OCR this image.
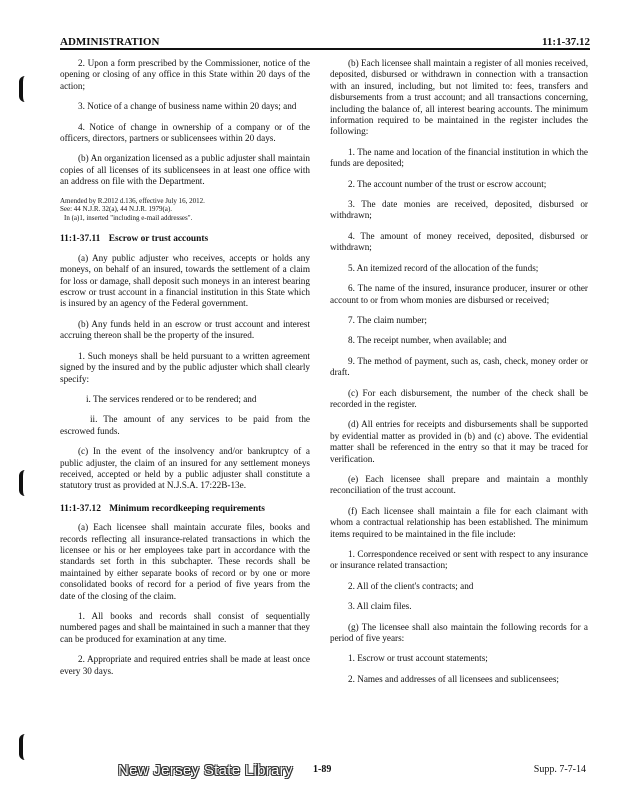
ADMINISTRATION	11:1-37.12

2. Upon a form prescribed by the Commissioner, notice of the opening or closing of any office in this State within 20 days of the action;

3. Notice of a change of business name within 20 days; and

4. Notice of change in ownership of a company or of the officers, directors, partners or sublicensees within 20 days.

(b) An organization licensed as a public adjuster shall maintain copies of all licenses of its sublicensees in at least one office with an address on file with the Department.

Amended by R.2012 d.136, effective July 16, 2012.
See: 44 N.J.R. 32(a), 44 N.J.R. 1979(a).
In (a)1, inserted "including e-mail addresses".
11:1-37.11 Escrow or trust accounts

(a) Any public adjuster who receives, accepts or holds any moneys, on behalf of an insured, towards the settlement of a claim for loss or damage, shall deposit such moneys in an interest bearing escrow or trust account in a financial institution in this State which is insured by an agency of the Federal government.

(b) Any funds held in an escrow or trust account and interest accruing thereon shall be the property of the insured.

1. Such moneys shall be held pursuant to a written agreement signed by the insured and by the public adjuster which shall clearly specify:

i. The services rendered or to be rendered; and

ii. The amount of any services to be paid from the escrowed funds.

(c) In the event of the insolvency and/or bankruptcy of a public adjuster, the claim of an insured for any settlement moneys received, accepted or held by a public adjuster shall constitute a statutory trust as provided at N.J.S.A. 17:22B-13e.

11:1-37.12 Minimum recordkeeping requirements

(a) Each licensee shall maintain accurate files, books and records reflecting all insurance-related transactions in which the licensee or his or her employees take part in accordance with the standards set forth in this subchapter. These records shall be maintained by either separate books of record or by one or more consolidated books of record for a period of five years from the date of the closing of the claim.

1. All books and records shall consist of sequentially numbered pages and shall be maintained in such a manner that they can be produced for examination at any time.

2. Appropriate and required entries shall be made at least once every 30 days.

(b) Each licensee shall maintain a register of all monies received, deposited, disbursed or withdrawn in connection with a transaction with an insured, including, but not limited to: fees, transfers and disbursements from a trust account; and all transactions concerning, including the balance of, all interest bearing accounts. The minimum information required to be maintained in the register includes the following:

1. The name and location of the financial institution in which the funds are deposited;

2. The account number of the trust or escrow account;

3. The date monies are received, deposited, disbursed or withdrawn;

4. The amount of money received, deposited, disbursed or withdrawn;

5. An itemized record of the allocation of the funds;

6. The name of the insured, insurance producer, insurer or other account to or from whom monies are disbursed or received;

7. The claim number;

8. The receipt number, when available; and

9. The method of payment, such as, cash, check, money order or draft.

(c) For each disbursement, the number of the check shall be recorded in the register.

(d) All entries for receipts and disbursements shall be supported by evidential matter as provided in (b) and (c) above. The evidential matter shall be referenced in the entry so that it may be traced for verification.

(e) Each licensee shall prepare and maintain a monthly reconciliation of the trust account.

(f) Each licensee shall maintain a file for each claimant with whom a contractual relationship has been established. The minimum items required to be maintained in the file include:

1. Correspondence received or sent with respect to any insurance or insurance related transaction;

2. All of the client's contracts; and

3. All claim files.

(g) The licensee shall also maintain the following records for a period of five years:

1. Escrow or trust account statements;

2. Names and addresses of all licensees and sublicensees;

New Jersey State Library 1-89	Supp. 7-7-14
